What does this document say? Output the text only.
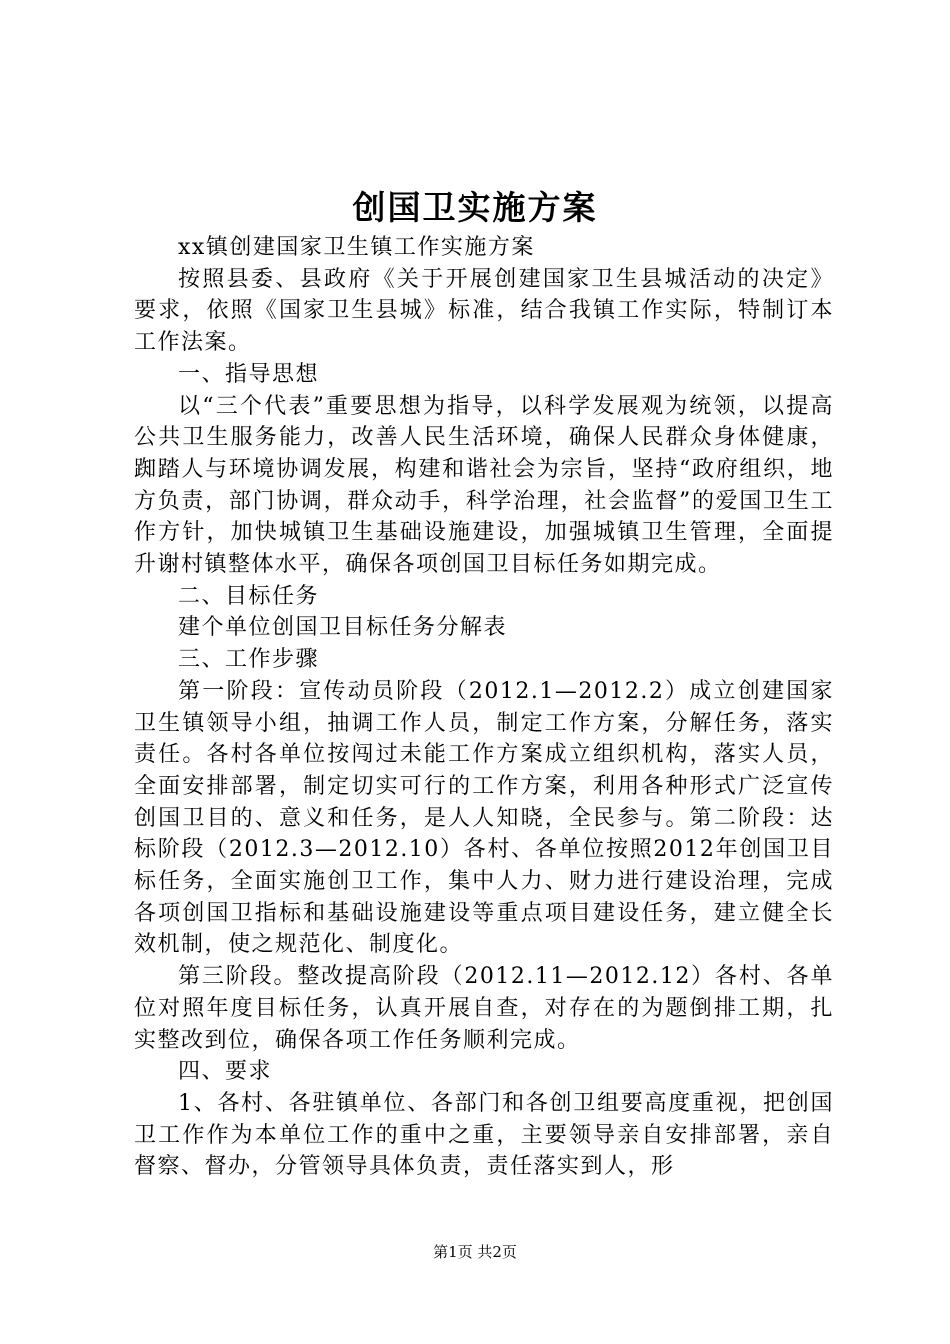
创国卫实施方案

xx镇创建国家卫生镇工作实施方案

按照县委、县政府《关于开展创建国家卫生县城活动的决定》要求，依照《国家卫生县城》标准，结合我镇工作实际，特制订本工作法案。

一、指导思想

以“三个代表”重要思想为指导，以科学发展观为统领，以提高公共卫生服务能力，改善人民生活环境，确保人民群众身体健康，踟踏人与环境协调发展，构建和谐社会为宗旨，坚持“政府组织，地方负责，部门协调，群众动手，科学治理，社会监督”的爱国卫生工作方针，加快城镇卫生基础设施建设，加强城镇卫生管理，全面提升谢村镇整体水平，确保各项创国卫目标任务如期完成。

二、目标任务

建个单位创国卫目标任务分解表

三、工作步骤

第一阶段：宣传动员阶段（2012.1—2012.2）成立创建国家卫生镇领导小组，抽调工作人员，制定工作方案，分解任务，落实责任。各村各单位按闯过未能工作方案成立组织机构，落实人员，全面安排部署，制定切实可行的工作方案，利用各种形式广泛宣传创国卫目的、意义和任务，是人人知晓，全民参与。第二阶段：达标阶段（2012.3—2012.10）各村、各单位按照2012年创国卫目标任务，全面实施创卫工作，集中人力、财力进行建设治理，完成各项创国卫指标和基础设施建设等重点项目建设任务，建立健全长效机制，使之规范化、制度化。

第三阶段。整改提高阶段（2012.11—2012.12）各村、各单位对照年度目标任务，认真开展自查，对存在的为题倒排工期，扎实整改到位，确保各项工作任务顺利完成。

四、要求

1、各村、各驻镇单位、各部门和各创卫组要高度重视，把创国卫工作作为本单位工作的重中之重，主要领导亲自安排部署，亲自督察、督办，分管领导具体负责，责任落实到人，形

第1页 共2页
